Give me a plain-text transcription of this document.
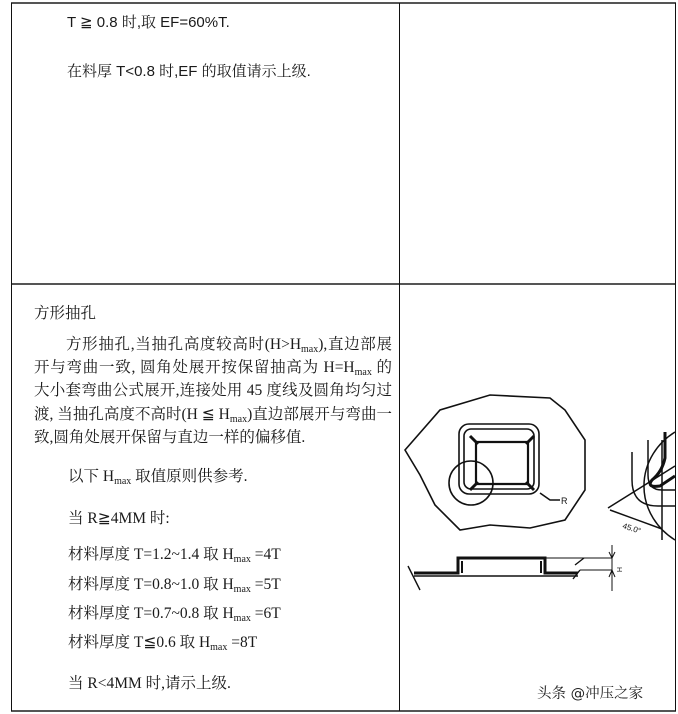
T ≧ 0.8 时,取 EF=60%T.
在料厚 T<0.8 时,EF 的取值请示上级.
方形抽孔
方形抽孔,当抽孔高度较高时$(H>H_{max})$,直边部展开与弯曲一致, 圆角处展开按保留抽高为 $H=H_{max}$ 的大小套弯曲公式展开,连接处用 45 度线及圆角均匀过渡, 当抽孔高度不高时(H ≦ $H_{max}$)直边部展开与弯曲一致,圆角处展开保留与直边一样的偏移值.
以下 $H_{max}$ 取值原则供参考.
当 R≧4MM 时:
材料厚度 T=1.2~1.4 取 $H_{max} =4T$
材料厚度 T=0.8~1.0 取 $H_{max} =5T$
材料厚度 T=0.7~0.8 取 $H_{max} =6T$
材料厚度 T≦0.6 取 $H_{max} =8T$
当 R<4MM 时,请示上级.
R
45.0°
H
头条 @冲压之家
